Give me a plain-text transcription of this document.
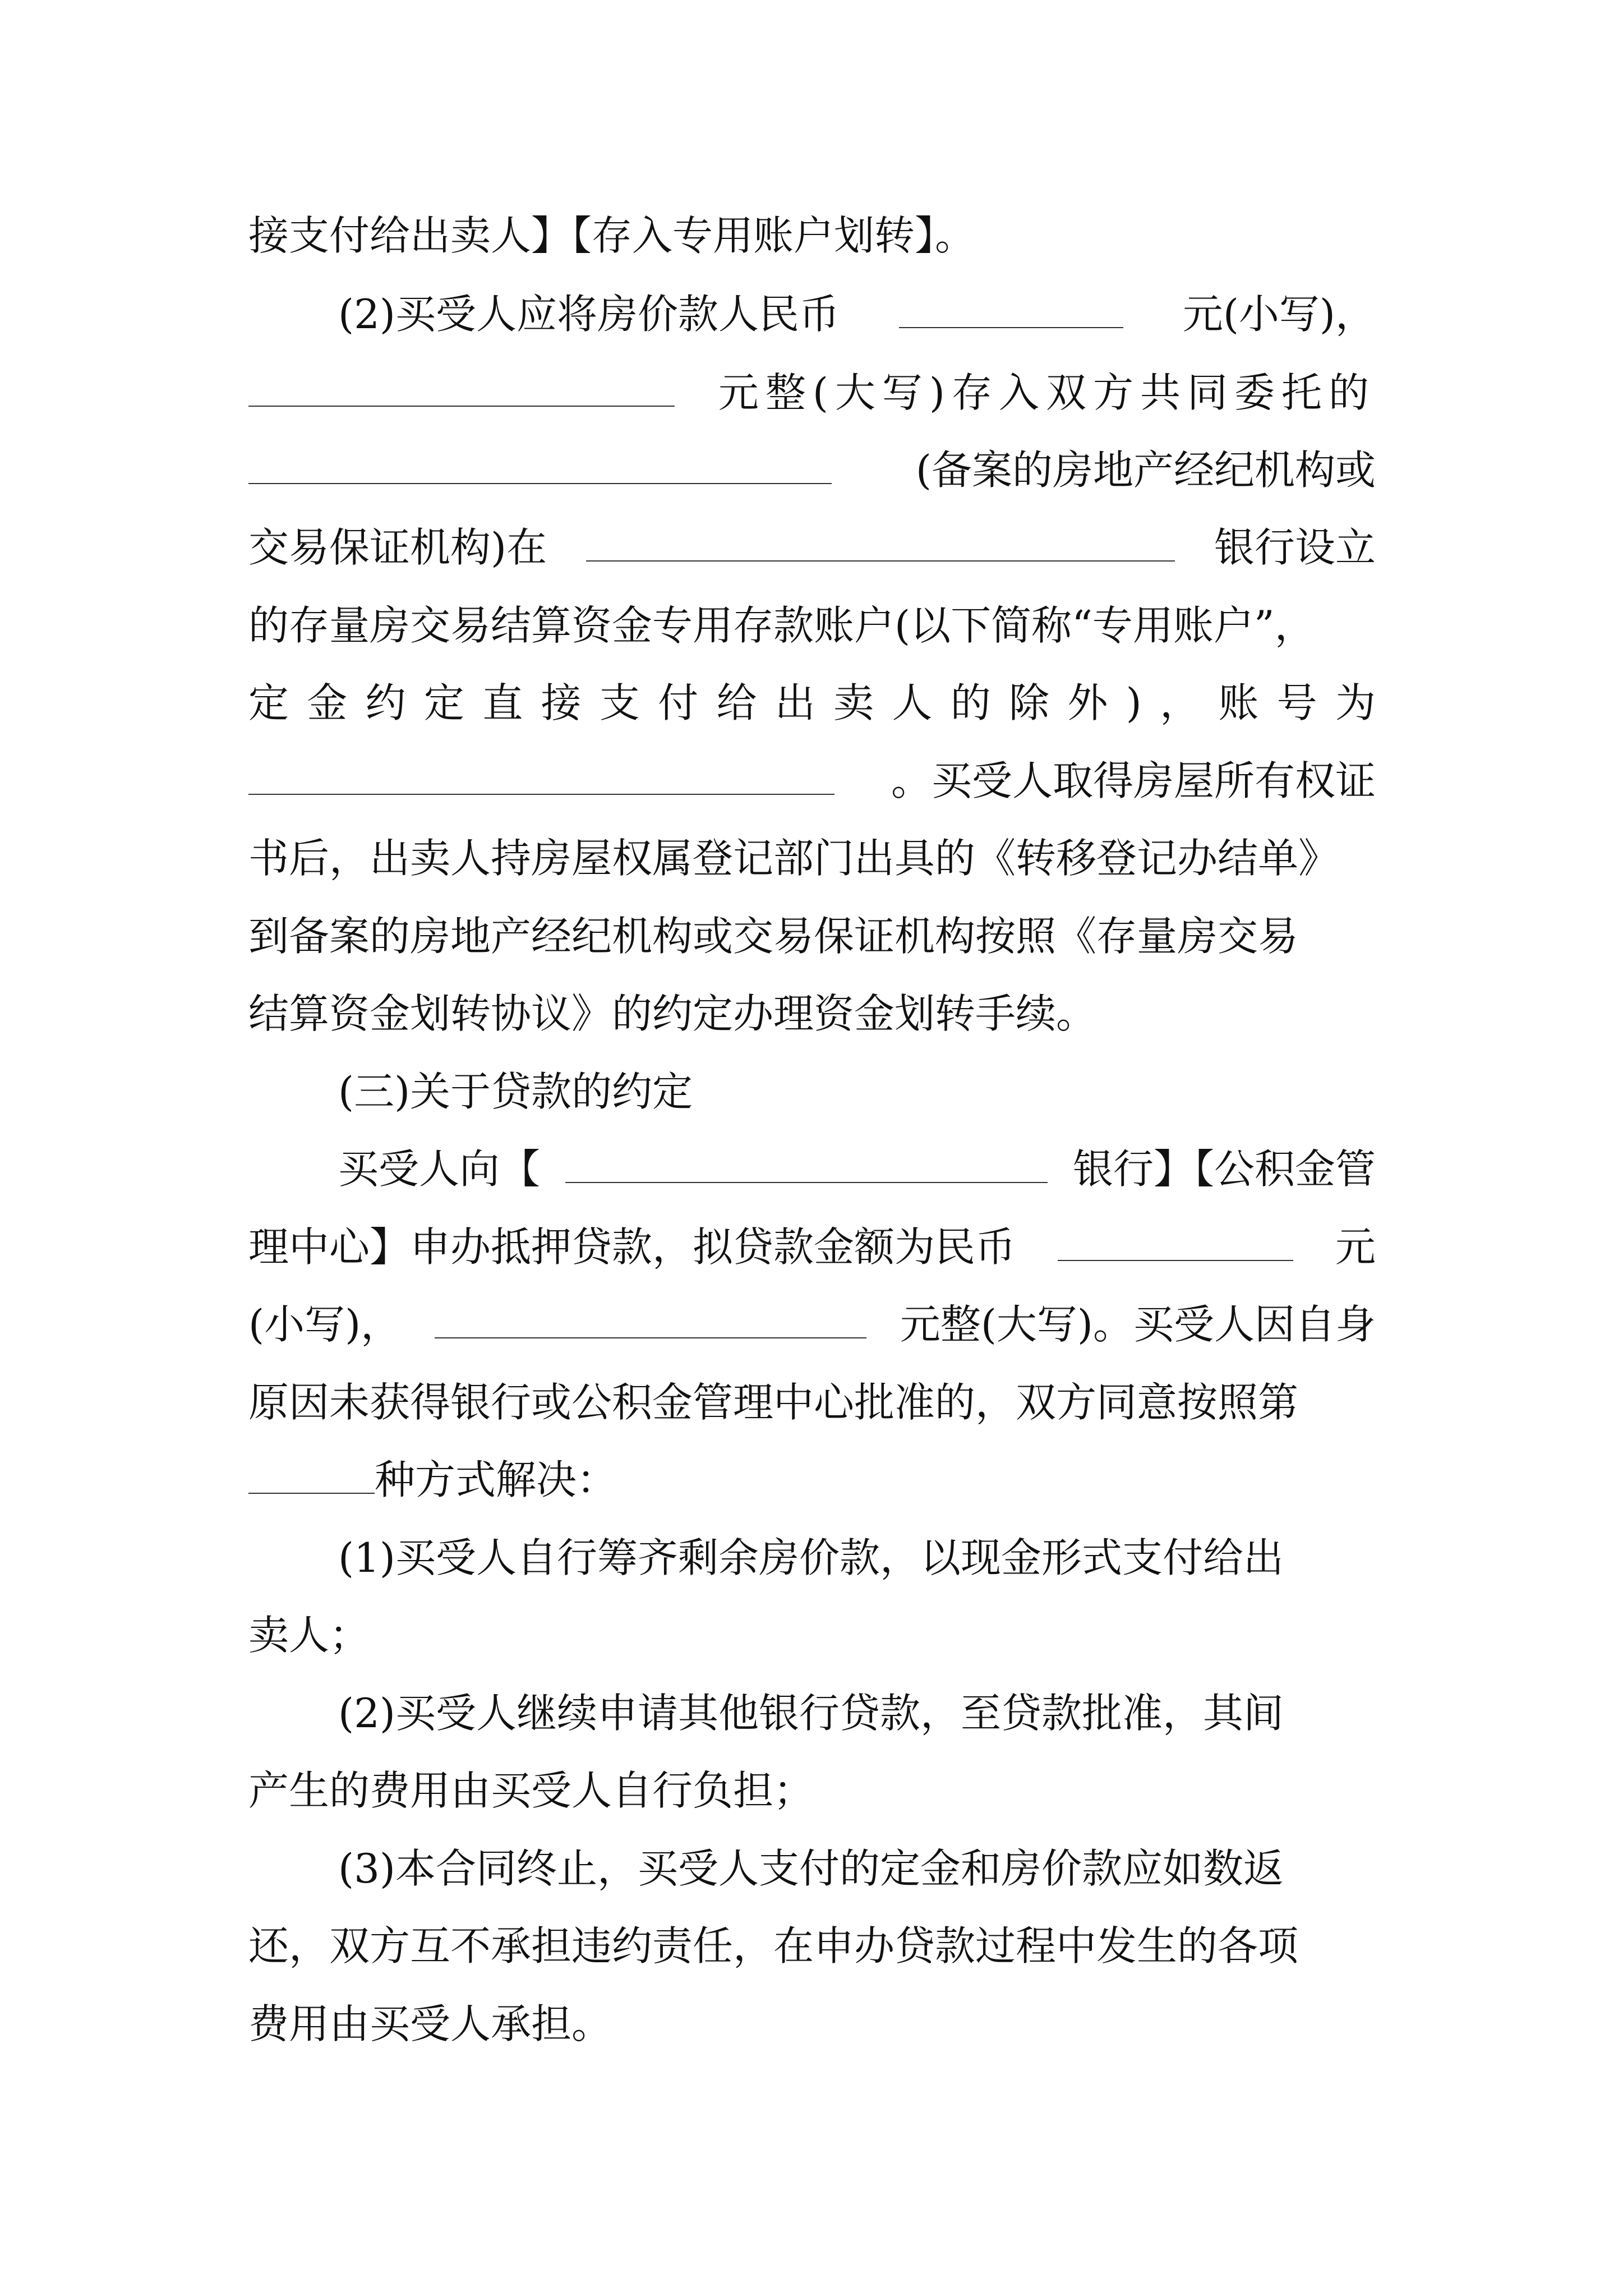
接支付给出卖人】【存入专用账户划转】。
(2)买受人应将房价款人民币	元(小写)，
元整(大写)存入双方共同委托的
(备案的房地产经纪机构或
交易保证机构)在	银行设立
的存量房交易结算资金专用存款账户(以下简称“专用账户”，
定金约定直接支付给出卖人的除外)，账号为
。买受人取得房屋所有权证
书后，出卖人持房屋权属登记部门出具的《转移登记办结单》
到备案的房地产经纪机构或交易保证机构按照《存量房交易
结算资金划转协议》的约定办理资金划转手续。
(三)关于贷款的约定
买受人向【	银行】【公积金管
理中心】申办抵押贷款，拟贷款金额为民币	元
(小写)，	元整(大写)。买受人因自身
原因未获得银行或公积金管理中心批准的，双方同意按照第
种方式解决：
(1)买受人自行筹齐剩余房价款，以现金形式支付给出
卖人；
(2)买受人继续申请其他银行贷款，至贷款批准，其间
产生的费用由买受人自行负担；
(3)本合同终止，买受人支付的定金和房价款应如数返
还，双方互不承担违约责任，在申办贷款过程中发生的各项
费用由买受人承担。
